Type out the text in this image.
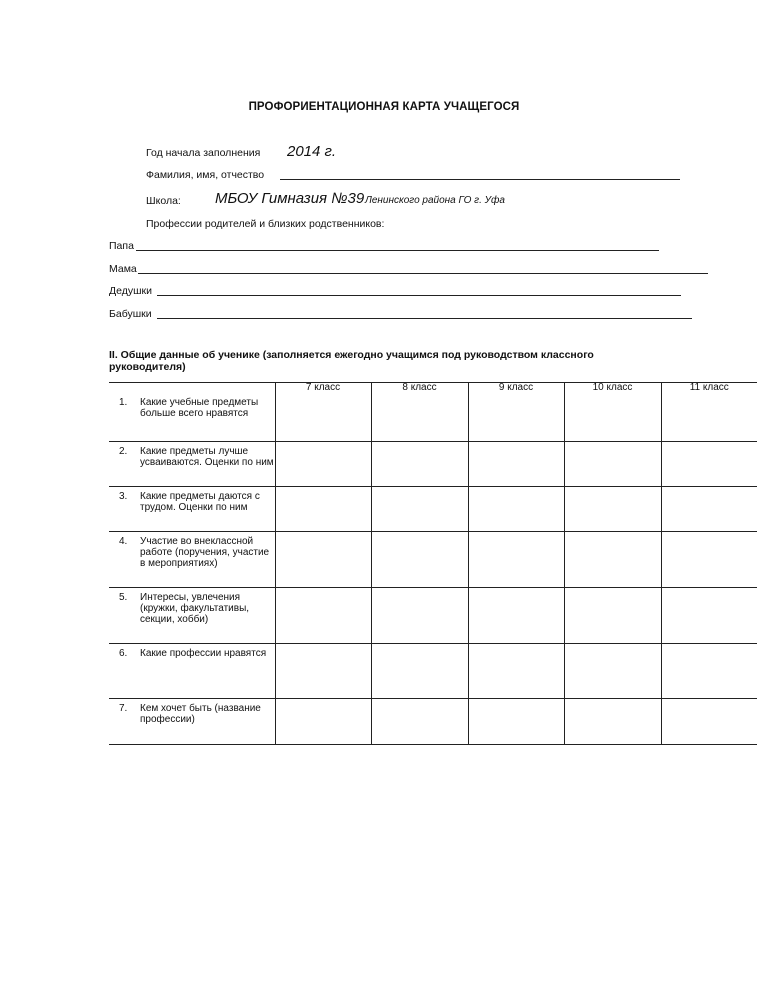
ПРОФОРИЕНТАЦИОННАЯ КАРТА УЧАЩЕГОСЯ
Год начала заполнения 2014 г.
Фамилия, имя, отчество
Школа: МБОУ Гимназия №39 Ленинского района ГО г. Уфа
Профессии родителей и близких родственников:
Папа
Мама
Дедушки
Бабушки
II. Общие данные об ученике (заполняется ежегодно учащимся под руководством классного руководителя)
		7 класс	8 класс	9 класс	10 класс	11 класс
1.	Какие учебные предметы больше всего нравятся					
2.	Какие предметы лучше усваиваются. Оценки по ним					
3.	Какие предметы даются с трудом. Оценки по ним					
4.	Участие во внеклассной работе (поручения, участие в мероприятиях)					
5.	Интересы, увлечения (кружки, факультативы, секции, хобби)					
6.	Какие профессии нравятся					
7.	Кем хочет быть (название профессии)					
